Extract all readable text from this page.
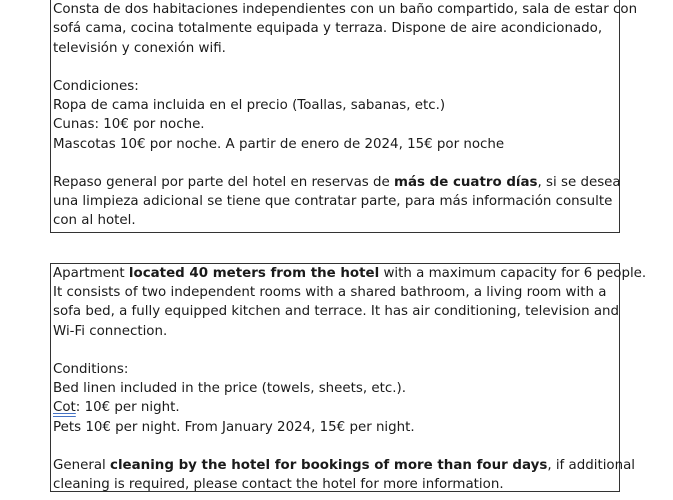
Consta de dos habitaciones independientes con un baño compartido, sala de estar con
sofá cama, cocina totalmente equipada y terraza. Dispone de aire acondicionado,
televisión y conexión wifi.
Condiciones:
Ropa de cama incluida en el precio (Toallas, sabanas, etc.)
Cunas: 10€ por noche.
Mascotas 10€ por noche. A partir de enero de 2024, 15€ por noche
Repaso general por parte del hotel en reservas de más de cuatro días, si se desea
una limpieza adicional se tiene que contratar parte, para más información consulte
con al hotel.
Apartment located 40 meters from the hotel with a maximum capacity for 6 people.
It consists of two independent rooms with a shared bathroom, a living room with a
sofa bed, a fully equipped kitchen and terrace. It has air conditioning, television and
Wi-Fi connection.
Conditions:
Bed linen included in the price (towels, sheets, etc.).
Cot: 10€ per night.
Pets 10€ per night. From January 2024, 15€ per night.
General cleaning by the hotel for bookings of more than four days, if additional
cleaning is required, please contact the hotel for more information.
